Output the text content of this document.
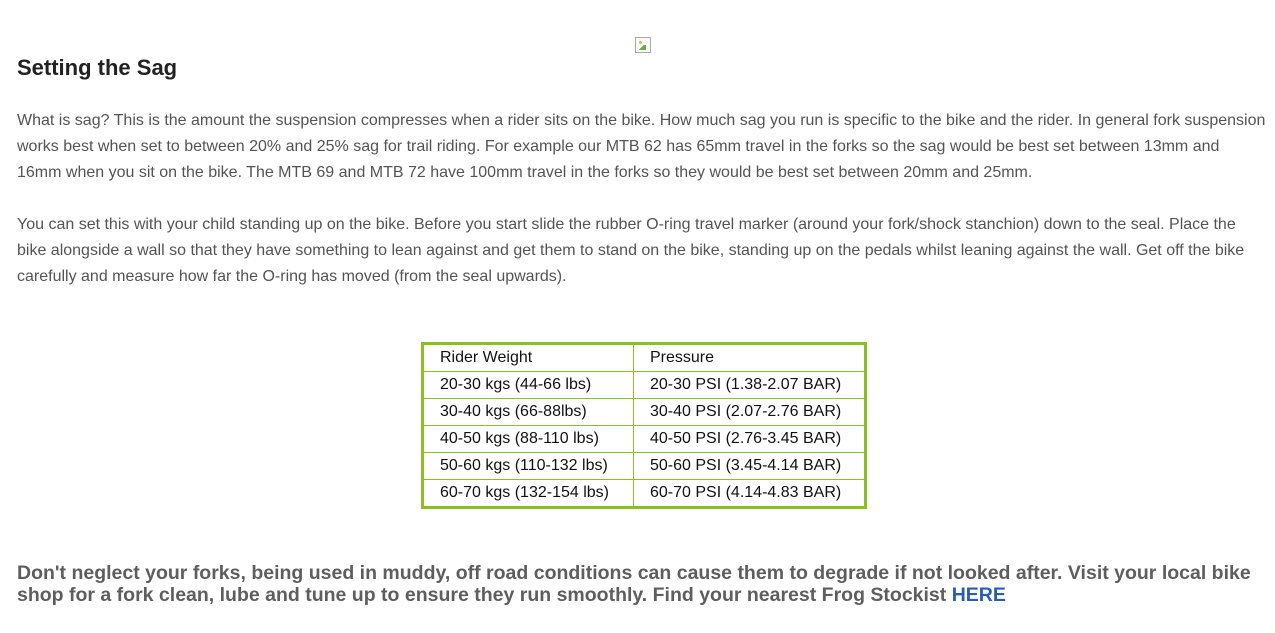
Setting the Sag

What is sag? This is the amount the suspension compresses when a rider sits on the bike. How much sag you run is specific to the bike and the rider. In general fork suspension works best when set to between 20% and 25% sag for trail riding. For example our MTB 62 has 65mm travel in the forks so the sag would be best set between 13mm and 16mm when you sit on the bike. The MTB 69 and MTB 72 have 100mm travel in the forks so they would be best set between 20mm and 25mm.

You can set this with your child standing up on the bike. Before you start slide the rubber O-ring travel marker (around your fork/shock stanchion) down to the seal. Place the bike alongside a wall so that they have something to lean against and get them to stand on the bike, standing up on the pedals whilst leaning against the wall. Get off the bike carefully and measure how far the O-ring has moved (from the seal upwards).

Rider Weight	Pressure
20-30 kgs (44-66 lbs)	20-30 PSI (1.38-2.07 BAR)
30-40 kgs (66-88lbs)	30-40 PSI (2.07-2.76 BAR)
40-50 kgs (88-110 lbs)	40-50 PSI (2.76-3.45 BAR)
50-60 kgs (110-132 lbs)	50-60 PSI (3.45-4.14 BAR)
60-70 kgs (132-154 lbs)	60-70 PSI (4.14-4.83 BAR)

Don't neglect your forks, being used in muddy, off road conditions can cause them to degrade if not looked after. Visit your local bike shop for a fork clean, lube and tune up to ensure they run smoothly. Find your nearest Frog Stockist HERE
